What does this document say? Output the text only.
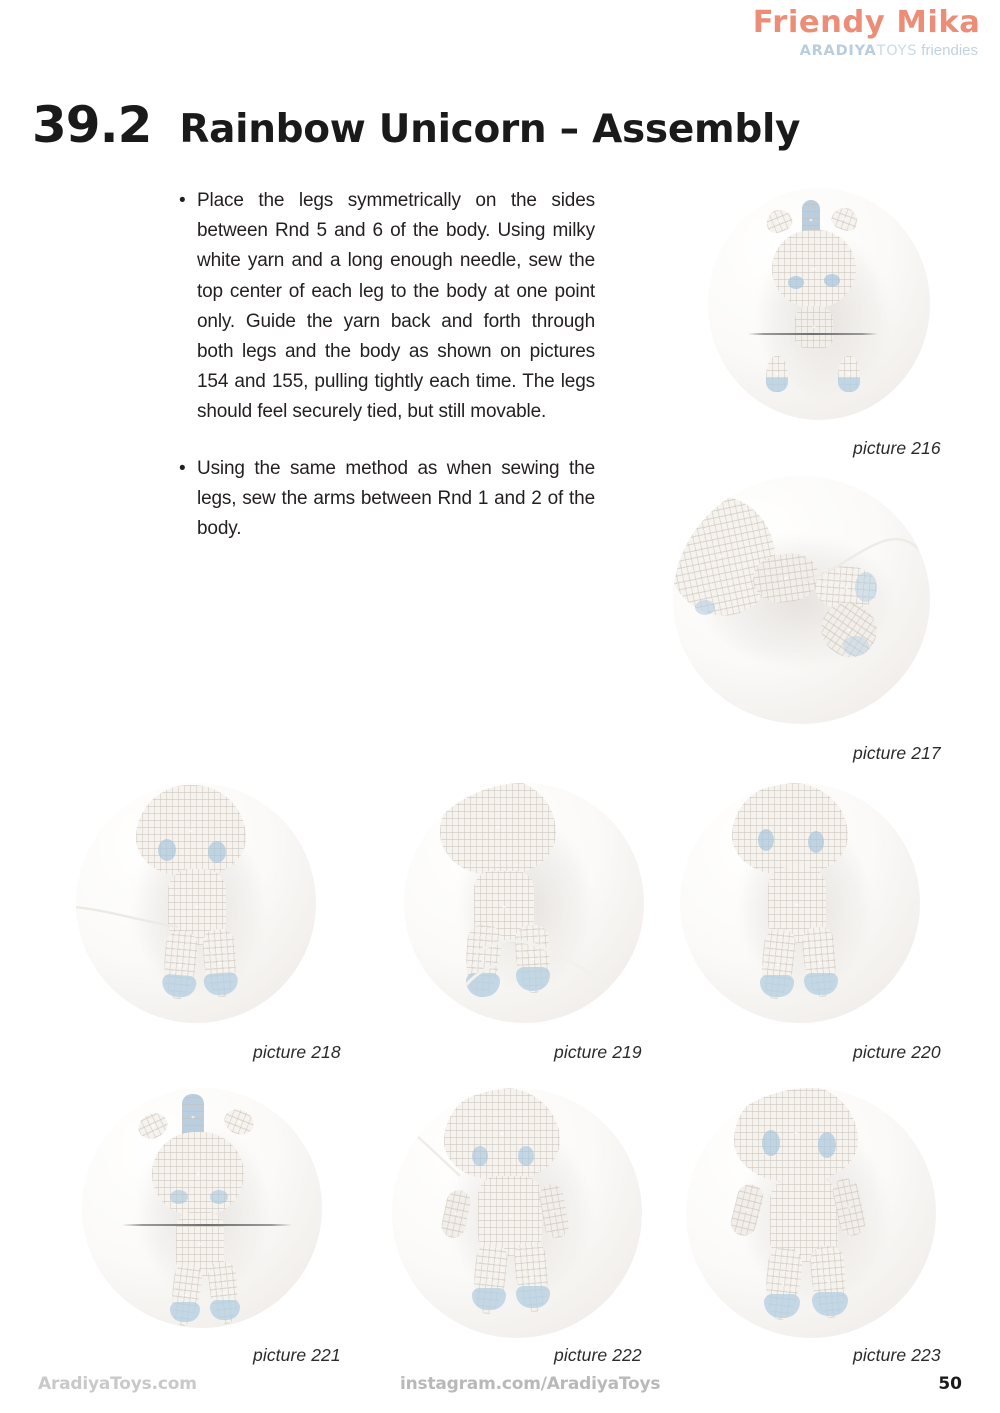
Friendy Mika
ARADIYATOYS friendies
39.2 Rainbow Unicorn – Assembly
• Place the legs symmetrically on the sides between Rnd 5 and 6 of the body. Using milky white yarn and a long enough needle, sew the top center of each leg to the body at one point only. Guide the yarn back and forth through both legs and the body as shown on pictures 154 and 155, pulling tightly each time. The legs should feel securely tied, but still movable.
• Using the same method as when sewing the legs, sew the arms between Rnd 1 and 2 of the body.
picture 216
picture 217
picture 218	picture 219	picture 220
picture 221	picture 222	picture 223
AradiyaToys.com	instagram.com/AradiyaToys	50
